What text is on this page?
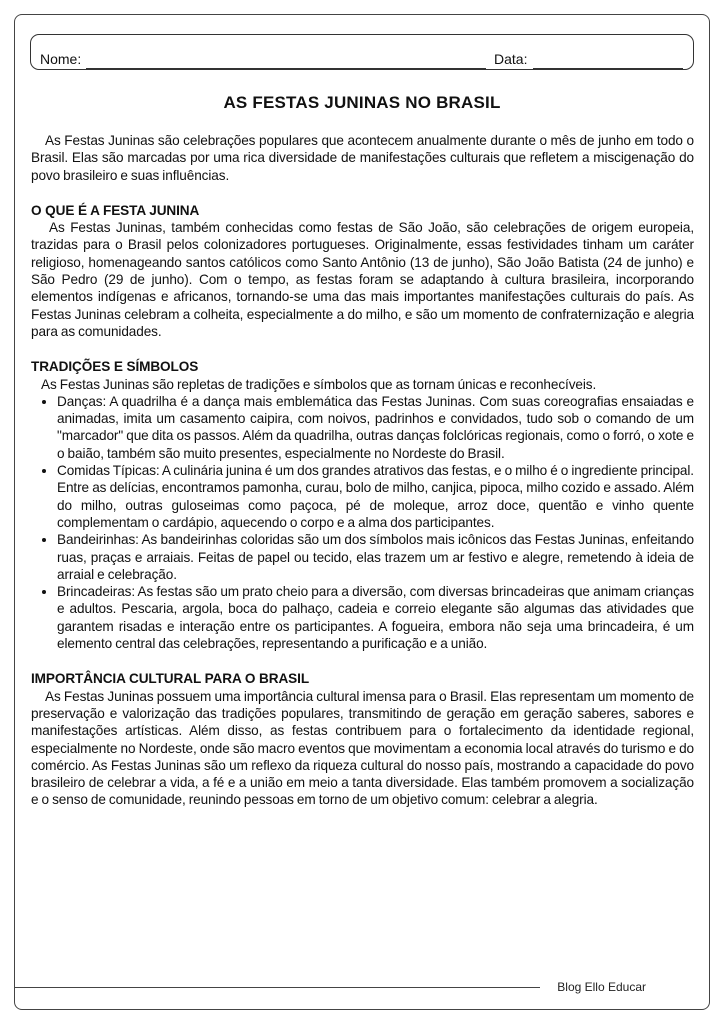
Nome:	Data:
AS FESTAS JUNINAS NO BRASIL

As Festas Juninas são celebrações populares que acontecem anualmente durante o mês de junho em todo o Brasil. Elas são marcadas por uma rica diversidade de manifestações culturais que refletem a miscigenação do povo brasileiro e suas influências.

O QUE É A FESTA JUNINA

As Festas Juninas, também conhecidas como festas de São João, são celebrações de origem europeia, trazidas para o Brasil pelos colonizadores portugueses. Originalmente, essas festividades tinham um caráter religioso, homenageando santos católicos como Santo Antônio (13 de junho), São João Batista (24 de junho) e São Pedro (29 de junho). Com o tempo, as festas foram se adaptando à cultura brasileira, incorporando elementos indígenas e africanos, tornando-se uma das mais importantes manifestações culturais do país. As Festas Juninas celebram a colheita, especialmente a do milho, e são um momento de confraternização e alegria para as comunidades.

TRADIÇÕES E SÍMBOLOS

As Festas Juninas são repletas de tradições e símbolos que as tornam únicas e reconhecíveis.

• Danças: A quadrilha é a dança mais emblemática das Festas Juninas. Com suas coreografias ensaiadas e animadas, imita um casamento caipira, com noivos, padrinhos e convidados, tudo sob o comando de um "marcador" que dita os passos. Além da quadrilha, outras danças folclóricas regionais, como o forró, o xote e o baião, também são muito presentes, especialmente no Nordeste do Brasil.
• Comidas Típicas: A culinária junina é um dos grandes atrativos das festas, e o milho é o ingrediente principal. Entre as delícias, encontramos pamonha, curau, bolo de milho, canjica, pipoca, milho cozido e assado. Além do milho, outras guloseimas como paçoca, pé de moleque, arroz doce, quentão e vinho quente complementam o cardápio, aquecendo o corpo e a alma dos participantes.
• Bandeirinhas: As bandeirinhas coloridas são um dos símbolos mais icônicos das Festas Juninas, enfeitando ruas, praças e arraiais. Feitas de papel ou tecido, elas trazem um ar festivo e alegre, remetendo à ideia de arraial e celebração.
• Brincadeiras: As festas são um prato cheio para a diversão, com diversas brincadeiras que animam crianças e adultos. Pescaria, argola, boca do palhaço, cadeia e correio elegante são algumas das atividades que garantem risadas e interação entre os participantes. A fogueira, embora não seja uma brincadeira, é um elemento central das celebrações, representando a purificação e a união.
IMPORTÂNCIA CULTURAL PARA O BRASIL

As Festas Juninas possuem uma importância cultural imensa para o Brasil. Elas representam um momento de preservação e valorização das tradições populares, transmitindo de geração em geração saberes, sabores e manifestações artísticas. Além disso, as festas contribuem para o fortalecimento da identidade regional, especialmente no Nordeste, onde são macro eventos que movimentam a economia local através do turismo e do comércio. As Festas Juninas são um reflexo da riqueza cultural do nosso país, mostrando a capacidade do povo brasileiro de celebrar a vida, a fé e a união em meio a tanta diversidade. Elas também promovem a socialização e o senso de comunidade, reunindo pessoas em torno de um objetivo comum: celebrar a alegria.

Blog Ello Educar
